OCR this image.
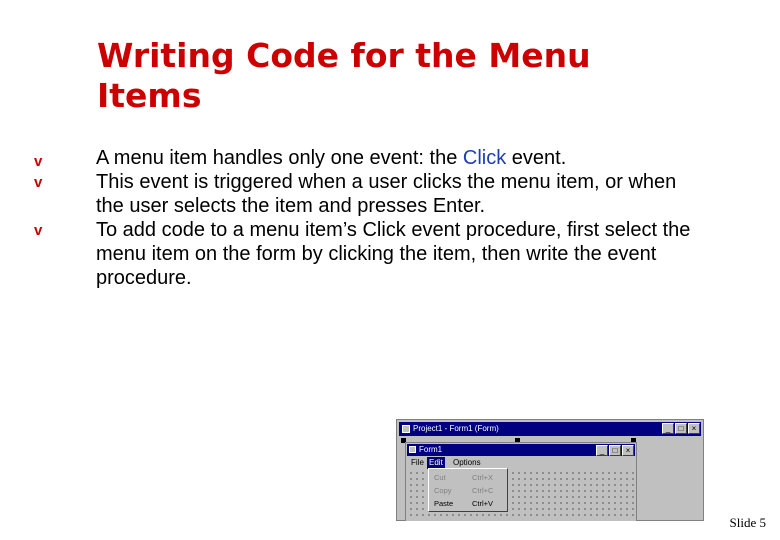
Writing Code for the Menu
Items
v	A menu item handles only one event: the Click event.
v	This event is triggered when a user clicks the menu item, or when the user selects the item and presses Enter.
v	To add code to a menu item’s Click event procedure, first select the menu item on the form by clicking the item, then write the event procedure.
Project1 - Form1 (Form)	_	□	×
Form1	_	□	×
File Edit Options
Cut	Ctrl+X
Copy	Ctrl+C
Paste	Ctrl+V
Slide 5
